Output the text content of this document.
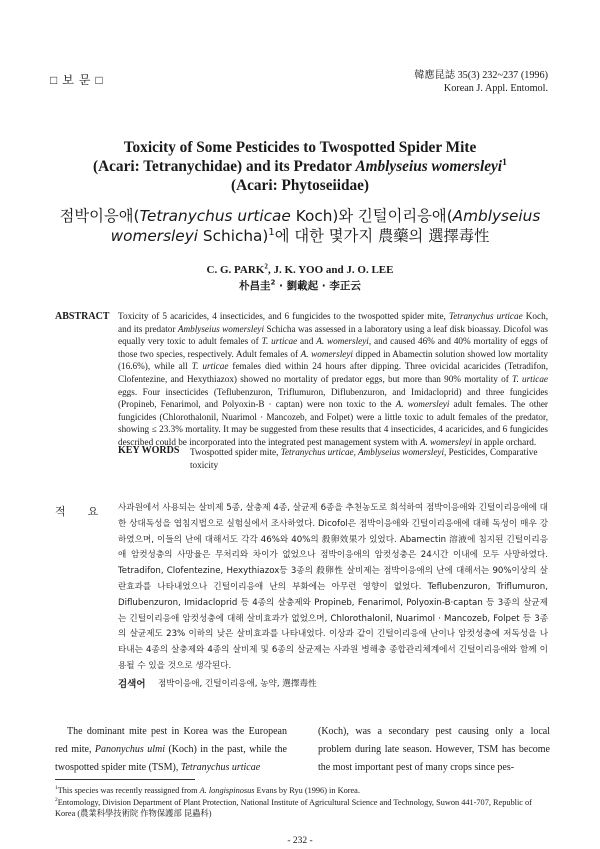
□ 보 문 □	韓應昆誌 35(3) 232~237 (1996)
Korean J. Appl. Entomol.
Toxicity of Some Pesticides to Twospotted Spider Mite
(Acari: Tetranychidae) and its Predator Amblyseius womersleyi$^1$
(Acari: Phytoseiidae)
점박이응애(Tetranychus urticae Koch)와 긴털이리응애(Amblyseius
womersleyi Schicha)$^1$에 대한 몇가지 農藥의 選擇毒性
C. G. PARK$^2$, J. K. YOO and J. O. LEE
朴昌圭$^2$ · 劉載起 · 李正云
ABSTRACT Toxicity of 5 acaricides, 4 insecticides, and 6 fungicides to the twospotted spider mite, Tetranychus urticae Koch, and its predator Amblyseius womersleyi Schicha was assessed in a laboratory using a leaf disk bioassay. Dicofol was equally very toxic to adult females of T. urticae and A. womersleyi, and caused 46% and 40% mortality of eggs of those two species, respectively. Adult females of A. womersleyi dipped in Abamectin solution showed low mortality (16.6%), while all T. urticae females died within 24 hours after dipping. Three ovicidal acaricides (Tetradifon, Clofentezine, and Hexythiazox) showed no mortality of predator eggs, but more than 90% mortality of T. urticae eggs. Four insecticides (Teflubenzuron, Triflumuron, Diflubenzuron, and Imidacloprid) and three fungicides (Propineb, Fenarimol, and Polyoxin-B · captan) were non toxic to the A. womersleyi adult females. The other fungicides (Chlorothalonil, Nuarimol · Mancozeb, and Folpet) were a little toxic to adult females of the predator, showing ≤ 23.3% mortality. It may be suggested from these results that 4 insecticides, 4 acaricides, and 6 fungicides described could be incorporated into the integrated pest management system with A. womersleyi in apple orchard.
KEY WORDS Twospotted spider mite, Tetranychus urticae, Amblyseius womersleyi, Pesticides, Comparative toxicity
적요
사과원에서 사용되는 살비제 5종, 살충제 4종, 살균제 6종을 추천농도로 희석하여 점박이응애와 긴털이리응애에 대한 상대독성을 엽침지법으로 실험실에서 조사하였다. Dicofol은 점박이응애와 긴털이리응애에 대해 독성이 매우 강하였으며, 이들의 난에 대해서도 각각 46%와 40%의 殺卵效果가 있었다. Abamectin 溶液에 침지된 긴털이리응애 암컷성충의 사망율은 무처리와 차이가 없었으나 점박이응애의 암컷성충은 24시간 이내에 모두 사망하였다. Tetradifon, Clofentezine, Hexythiazox등 3종의 殺卵性 살비제는 점박이응애의 난에 대해서는 90%이상의 살란효과를 나타내었으나 긴털이리응애 난의 부화에는 아무런 영향이 없었다. Teflubenzuron, Triflumuron, Diflubenzuron, Imidacloprid 등 4종의 살충제와 Propineb, Fenarimol, Polyoxin-B·captan 등 3종의 살균제는 긴털이리응애 암컷성충에 대해 살비효과가 없었으며, Chlorothalonil, Nuarimol · Mancozeb, Folpet 등 3종의 살균제도 23% 이하의 낮은 살비효과를 나타내었다. 이상과 같이 긴털이리응애 난이나 암컷성충에 저독성을 나타내는 4종의 살충제와 4종의 살비제 및 6종의 살균제는 사과원 병해충 종합관리체계에서 긴털이리응애와 함께 이용될 수 있을 것으로 생각된다.
검색어 점박이응애, 긴털이리응애, 농약, 選擇毒性
The dominant mite pest in Korea was the European red mite, Panonychus ulmi (Koch) in the past, while the twospotted spider mite (TSM), Tetranychus urticae
(Koch), was a secondary pest causing only a local problem during late season. However, TSM has become the most important pest of many crops since pes-
$^1$This species was recently reassigned from A. longispinosus Evans by Ryu (1996) in Korea.
$^2$Entomology, Division Department of Plant Protection, National Institute of Agricultural Science and Technology, Suwon 441-707, Republic of Korea (農業科學技術院 作物保護部 昆蟲科)
- 232 -
